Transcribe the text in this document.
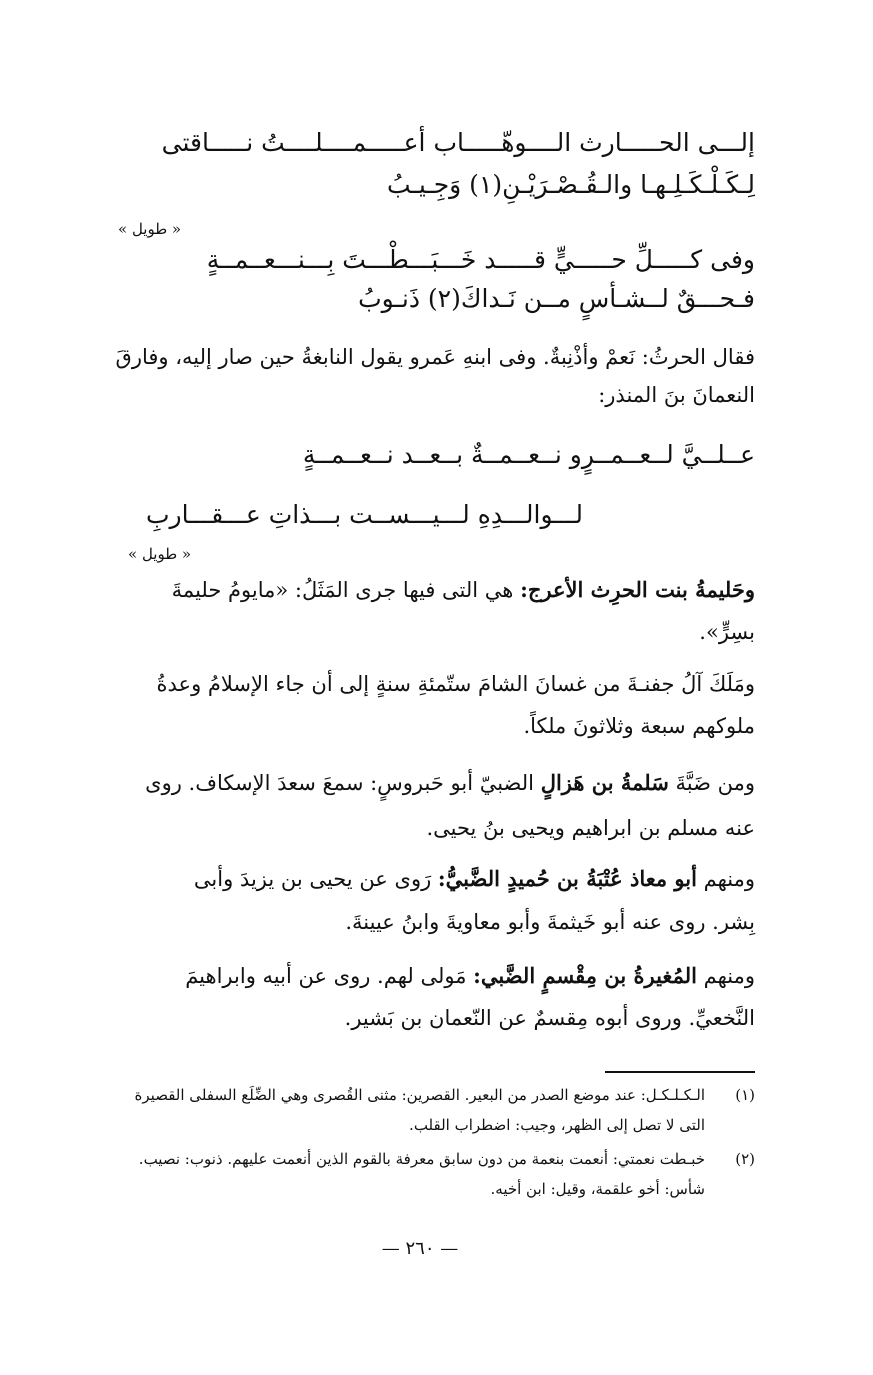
إلـــى الحـــــارث الــــوهّـــــاب أعـــــمــــلــــتُ نـــــاقتى
لِـكَـلْـكَـلِـهـا والـقُـصْـرَيْـنِ(١) وَجِـيـبُ
« طويل »
وفى كـــــلِّ حـــــيٍّ قـــــد خَـــبَـــطْـــتَ بِـــنـــعــمــةٍ
فـحـــقٌ لــشـأسٍ مــن نَـداكَ(٢) ذَنـوبُ
فقال الحرثُ: نَعمْ وأذْنِبةٌ. وفى ابنهِ عَمرو يقول النابغةُ حين صار إليه، وفارقَ
النعمانَ بنَ المنذر:
عــلــيَّ لــعــمــرٍو نــعــمــةٌ بــعــد نــعــمــةٍ
لـــوالـــدِهِ لـــيـــســت بـــذاتِ عـــقـــاربِ
« طويل »
وحَليمةُ بنت الحرِث الأعرج: هي التى فيها جرى المَثَلُ: «مايومُ حليمةَ
بسِرٍّ».
ومَلَكَ آلُ جفنـةَ من غسانَ الشامَ ستّمئةِ سنةٍ إلى أن جاء الإسلامُ وعدةُ
ملوكهم سبعة وثلاثونَ ملكاً.
ومن ضَبَّةَ سَلمةُ بن هَزالٍ الضبيّ أبو حَبروسٍ: سمعَ سعدَ الإسكاف. روى
عنه مسلم بن ابراهيم ويحيى بنُ يحيى.
ومنهم أبو معاذ عُتْبَةُ بن حُميدٍ الضَّبيُّ: رَوى عن يحيى بن يزيدَ وأبى
بِشر. روى عنه أبو خَيثمةَ وأبو معاويةَ وابنُ عيينةَ.
ومنهم المُغيرةُ بن مِقْسمٍ الضَّبي: مَولى لهم. روى عن أبيه وابراهيمَ
النَّخعيِّ. وروى أبوه مِقسمٌ عن النّعمان بن بَشير.
(١)
الـكـلـكـل: عند موضع الصدر من البعير. القصرين: مثنى القُصرى وهي الضِّلَع السفلى القصيرة
التى لا تصل إلى الظهر، وجيب: اضطراب القلب.
(٢)
خبـطت نعمتي: أنعمت بنعمة من دون سابق معرفة بالقوم الذين أنعمت عليهم. ذنوب: نصيب.
شأس: أخو علقمة، وقيل: ابن أخيه.
— ٢٦٠ —
